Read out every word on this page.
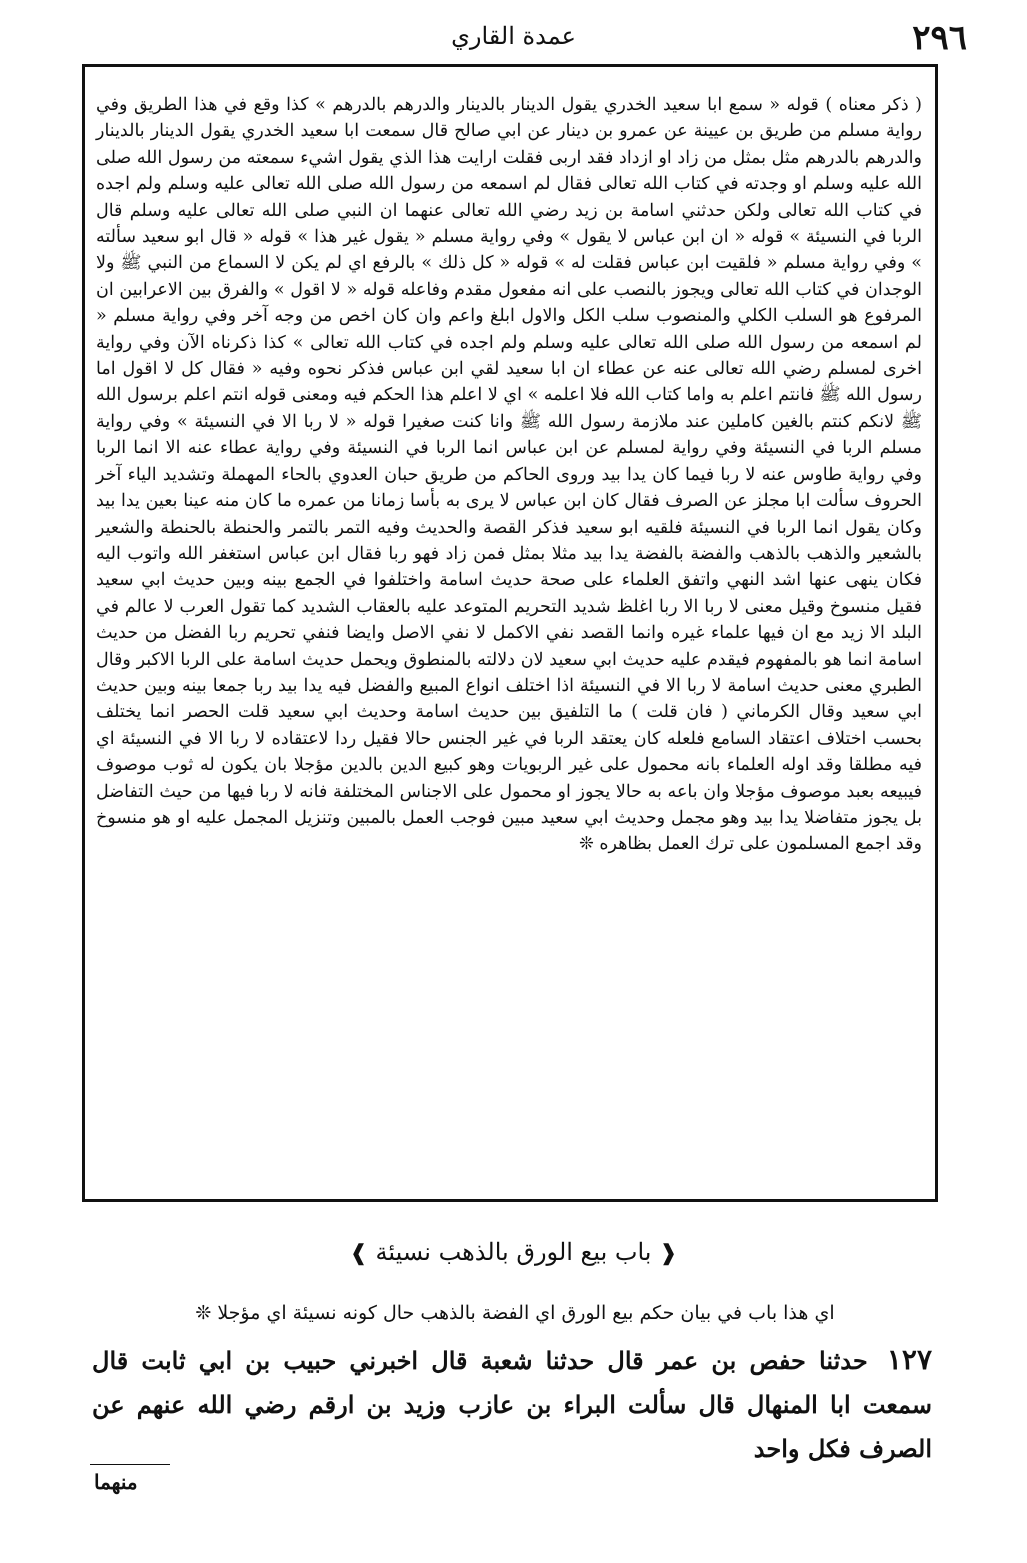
۲۹٦
عمدة القاري

( ذكر معناه ) قوله « سمع ابا سعيد الخدري يقول الدينار بالدينار والدرهم بالدرهم » كذا وقع في هذا الطريق وفي رواية مسلم من طريق بن عيينة عن عمرو بن دينار عن ابي صالح قال سمعت ابا سعيد الخدري يقول الدينار بالدينار والدرهم بالدرهم مثل بمثل من زاد او ازداد فقد اربى فقلت ارايت هذا الذي يقول اشيء سمعته من رسول الله صلى الله عليه وسلم او وجدته في كتاب الله تعالى فقال لم اسمعه من رسول الله صلى الله تعالى عليه وسلم ولم اجده في كتاب الله تعالى ولكن حدثني اسامة بن زيد رضي الله تعالى عنهما ان النبي صلى الله تعالى عليه وسلم قال الربا في النسيئة » قوله « ان ابن عباس لا يقول » وفي رواية مسلم « يقول غير هذا » قوله « قال ابو سعيد سألته » وفي رواية مسلم « فلقيت ابن عباس فقلت له » قوله « كل ذلك » بالرفع اي لم يكن لا السماع من النبي ﷺ ولا الوجدان في كتاب الله تعالى ويجوز بالنصب على انه مفعول مقدم وفاعله قوله « لا اقول » والفرق بين الاعرابين ان المرفوع هو السلب الكلي والمنصوب سلب الكل والاول ابلغ واعم وان كان اخص من وجه آخر وفي رواية مسلم « لم اسمعه من رسول الله صلى الله تعالى عليه وسلم ولم اجده في كتاب الله تعالى » كذا ذكرناه الآن وفي رواية اخرى لمسلم رضي الله تعالى عنه عن عطاء ان ابا سعيد لقي ابن عباس فذكر نحوه وفيه « فقال كل لا اقول اما رسول الله ﷺ فانتم اعلم به واما كتاب الله فلا اعلمه » اي لا اعلم هذا الحكم فيه ومعنى قوله انتم اعلم برسول الله ﷺ لانكم كنتم بالغين كاملين عند ملازمة رسول الله ﷺ وانا كنت صغيرا قوله « لا ربا الا في النسيئة » وفي رواية مسلم الربا في النسيئة وفي رواية لمسلم عن ابن عباس انما الربا في النسيئة وفي رواية عطاء عنه الا انما الربا وفي رواية طاوس عنه لا ربا فيما كان يدا بيد وروى الحاكم من طريق حبان العدوي بالحاء المهملة وتشديد الياء آخر الحروف سألت ابا مجلز عن الصرف فقال كان ابن عباس لا يرى به بأسا زمانا من عمره ما كان منه عينا بعين يدا بيد وكان يقول انما الربا في النسيئة فلقيه ابو سعيد فذكر القصة والحديث وفيه التمر بالتمر والحنطة بالحنطة والشعير بالشعير والذهب بالذهب والفضة بالفضة يدا بيد مثلا بمثل فمن زاد فهو ربا فقال ابن عباس استغفر الله واتوب اليه فكان ينهى عنها اشد النهي واتفق العلماء على صحة حديث اسامة واختلفوا في الجمع بينه وبين حديث ابي سعيد فقيل منسوخ وقيل معنى لا ربا الا ربا اغلظ شديد التحريم المتوعد عليه بالعقاب الشديد كما تقول العرب لا عالم في البلد الا زيد مع ان فيها علماء غيره وانما القصد نفي الاكمل لا نفي الاصل وايضا فنفي تحريم ربا الفضل من حديث اسامة انما هو بالمفهوم فيقدم عليه حديث ابي سعيد لان دلالته بالمنطوق ويحمل حديث اسامة على الربا الاكبر وقال الطبري معنى حديث اسامة لا ربا الا في النسيئة اذا اختلف انواع المبيع والفضل فيه يدا بيد ربا جمعا بينه وبين حديث ابي سعيد وقال الكرماني ( فان قلت ) ما التلفيق بين حديث اسامة وحديث ابي سعيد قلت الحصر انما يختلف بحسب اختلاف اعتقاد السامع فلعله كان يعتقد الربا في غير الجنس حالا فقيل ردا لاعتقاده لا ربا الا في النسيئة اي فيه مطلقا وقد اوله العلماء بانه محمول على غير الربويات وهو كبيع الدين بالدين مؤجلا بان يكون له ثوب موصوف فيبيعه بعبد موصوف مؤجلا وان باعه به حالا يجوز او محمول على الاجناس المختلفة فانه لا ربا فيها من حيث التفاضل بل يجوز متفاضلا يدا بيد وهو مجمل وحديث ابي سعيد مبين فوجب العمل بالمبين وتنزيل المجمل عليه او هو منسوخ وقد اجمع المسلمون على ترك العمل بظاهره ❊

❰ باب بيع الورق بالذهب نسيئة ❱
اي هذا باب في بيان حكم بيع الورق اي الفضة بالذهب حال كونه نسيئة اي مؤجلا ❊
۱۲۷ حدثنا حفص بن عمر قال حدثنا شعبة قال اخبرني حبيب بن ابي ثابت قال سمعت ابا المنهال قال سألت البراء بن عازب وزيد بن ارقم رضي الله عنهم عن الصرف فكل واحد
منهما
